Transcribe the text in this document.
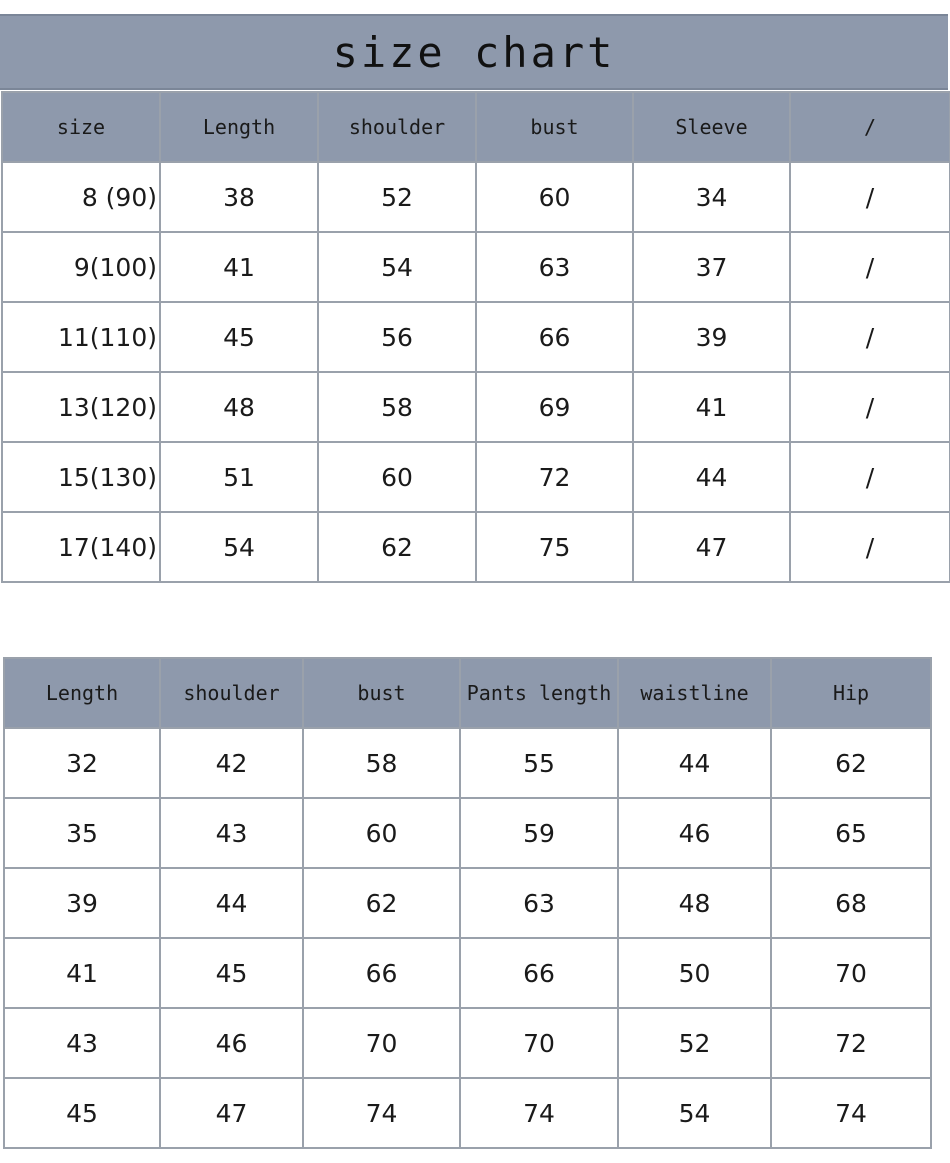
size chart
size	Length	shoulder	bust	Sleeve	/
8 (90)	38	52	60	34	/
9(100)	41	54	63	37	/
11(110)	45	56	66	39	/
13(120)	48	58	69	41	/
15(130)	51	60	72	44	/
17(140)	54	62	75	47	/
Length	shoulder	bust	Pants length	waistline	Hip
32	42	58	55	44	62
35	43	60	59	46	65
39	44	62	63	48	68
41	45	66	66	50	70
43	46	70	70	52	72
45	47	74	74	54	74
